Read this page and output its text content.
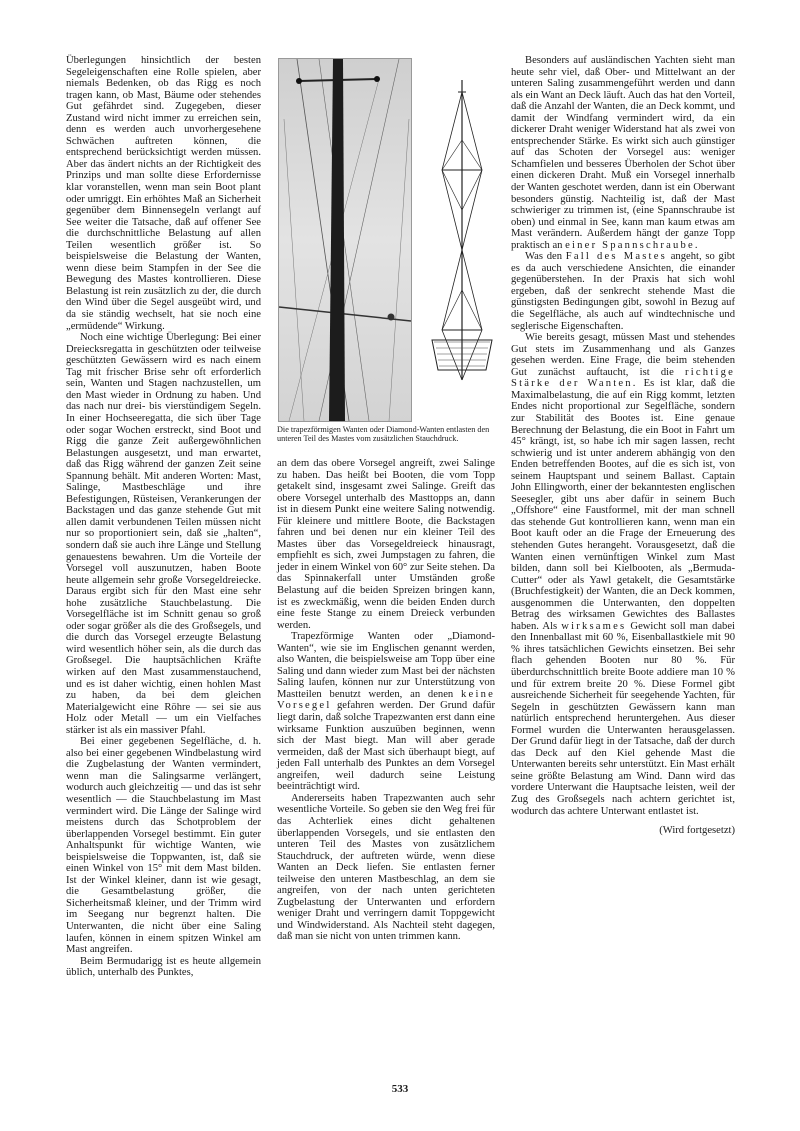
Überlegungen hinsichtlich der besten Segeleigenschaften eine Rolle spielen, aber niemals Bedenken, ob das Rigg es noch tragen kann, ob Mast, Bäume oder stehendes Gut gefährdet sind. Zugegeben, dieser Zustand wird nicht immer zu erreichen sein, denn es werden auch unvorhergesehene Schwächen auftreten können, die entsprechend berücksichtigt werden müssen. Aber das ändert nichts an der Richtigkeit des Prinzips und man sollte diese Erfordernisse klar voranstellen, wenn man sein Boot plant oder umriggt. Ein erhöhtes Maß an Sicherheit gegenüber dem Binnensegeln verlangt auf See weiter die Tatsache, daß auf offener See die durchschnittliche Belastung auf allen Teilen wesentlich größer ist. So beispielsweise die Belastung der Wanten, wenn diese beim Stampfen in der See die Bewegung des Mastes kontrollieren. Diese Belastung ist rein zusätzlich zu der, die durch den Wind über die Segel ausgeübt wird, und da sie ständig wechselt, hat sie noch eine „ermüdende“ Wirkung.

Noch eine wichtige Überlegung: Bei einer Dreiecksregatta in geschützten oder teilweise geschützten Gewässern wird es nach einem Tag mit frischer Brise sehr oft erforderlich sein, Wanten und Stagen nachzustellen, um den Mast wieder in Ordnung zu haben. Und das nach nur drei- bis vierstündigem Segeln. In einer Hochseeregatta, die sich über Tage oder sogar Wochen erstreckt, sind Boot und Rigg die ganze Zeit außergewöhnlichen Belastungen ausgesetzt, und man erwartet, daß das Rigg während der ganzen Zeit seine Spannung behält. Mit anderen Worten: Mast, Salinge, Mastbeschläge und ihre Befestigungen, Rüsteisen, Verankerungen der Backstagen und das ganze stehende Gut mit allen damit verbundenen Teilen müssen nicht nur so proportioniert sein, daß sie „halten“, sondern daß sie auch ihre Länge und Stellung genauestens bewahren. Um die Vorteile der Vorsegel voll auszunutzen, haben Boote heute allgemein sehr große Vorsegeldreiecke. Daraus ergibt sich für den Mast eine sehr hohe zusätzliche Stauchbelastung. Die Vorsegelfläche ist im Schnitt genau so groß oder sogar größer als die des Großsegels, und die durch das Vorsegel erzeugte Belastung wird wesentlich höher sein, als die durch das Großsegel. Die hauptsächlichen Kräfte wirken auf den Mast zusammenstauchend, und es ist daher wichtig, einen hohlen Mast zu haben, da bei dem gleichen Materialgewicht eine Röhre — sei sie aus Holz oder Metall — um ein Vielfaches stärker ist als ein massiver Pfahl.

Bei einer gegebenen Segelfläche, d. h. also bei einer gegebenen Windbelastung wird die Zugbelastung der Wanten vermindert, wenn man die Salingsarme verlängert, wodurch auch gleichzeitig — und das ist sehr wesentlich — die Stauchbelastung im Mast vermindert wird. Die Länge der Salinge wird meistens durch das Schotproblem der überlappenden Vorsegel bestimmt. Ein guter Anhaltspunkt für wichtige Wanten, wie beispielsweise die Toppwanten, ist, daß sie einen Winkel von 15° mit dem Mast bilden. Ist der Winkel kleiner, dann ist wie gesagt, die Gesamtbelastung größer, die Sicherheitsmaß kleiner, und der Trimm wird im Seegang nur begrenzt halten. Die Unterwanten, die nicht über eine Saling laufen, können in einem spitzen Winkel am Mast angreifen.

Beim Bermudarigg ist es heute allgemein üblich, unterhalb des Punktes,

Die trapezförmigen Wanten oder Diamond-Wanten entlasten den unteren Teil des Mastes vom zusätzlichen Stauchdruck.

an dem das obere Vorsegel angreift, zwei Salinge zu haben. Das heißt bei Booten, die vom Topp getakelt sind, insgesamt zwei Salinge. Greift das obere Vorsegel unterhalb des Masttopps an, dann ist in diesem Punkt eine weitere Saling notwendig. Für kleinere und mittlere Boote, die Backstagen fahren und bei denen nur ein kleiner Teil des Mastes über das Vorsegeldreieck hinausragt, empfiehlt es sich, zwei Jumpstagen zu fahren, die jeder in einem Winkel von 60° zur Seite stehen. Da das Spinnakerfall unter Umständen große Belastung auf die beiden Spreizen bringen kann, ist es zweckmäßig, wenn die beiden Enden durch eine feste Stange zu einem Dreieck verbunden werden.

Trapezförmige Wanten oder „Diamond-Wanten“, wie sie im Englischen genannt werden, also Wanten, die beispielsweise am Topp über eine Saling und dann wieder zum Mast bei der nächsten Saling laufen, können nur zur Unterstützung von Mastteilen benutzt werden, an denen keine Vorsegel gefahren werden. Der Grund dafür liegt darin, daß solche Trapezwanten erst dann eine wirksame Funktion auszuüben beginnen, wenn sich der Mast biegt. Man will aber gerade vermeiden, daß der Mast sich überhaupt biegt, auf jeden Fall unterhalb des Punktes an dem Vorsegel angreifen, weil dadurch seine Leistung beeinträchtigt wird.

Andererseits haben Trapezwanten auch sehr wesentliche Vorteile. So geben sie den Weg frei für das Achterliek eines dicht gehaltenen überlappenden Vorsegels, und sie entlasten den unteren Teil des Mastes von zusätzlichem Stauchdruck, der auftreten würde, wenn diese Wanten an Deck liefen. Sie entlasten ferner teilweise den unteren Mastbeschlag, an dem sie angreifen, von der nach unten gerichteten Zugbelastung der Unterwanten und erfordern weniger Draht und verringern damit Toppgewicht und Windwiderstand. Als Nachteil steht dagegen, daß man sie nicht von unten trimmen kann.

Besonders auf ausländischen Yachten sieht man heute sehr viel, daß Ober- und Mittelwant an der unteren Saling zusammengeführt werden und dann als ein Want an Deck läuft. Auch das hat den Vorteil, daß die Anzahl der Wanten, die an Deck kommt, und damit der Windfang vermindert wird, da ein dickerer Draht weniger Widerstand hat als zwei von entsprechender Stärke. Es wirkt sich auch günstiger auf das Schoten der Vorsegel aus: weniger Schamfielen und besseres Überholen der Schot über einen dickeren Draht. Muß ein Vorsegel innerhalb der Wanten geschotet werden, dann ist ein Oberwant besonders günstig. Nachteilig ist, daß der Mast schwieriger zu trimmen ist, (eine Spannschraube ist oben) und einmal in See, kann man kaum etwas am Mast verändern. Außerdem hängt der ganze Topp praktisch an einer Spannschraube.

Was den Fall des Mastes angeht, so gibt es da auch verschiedene Ansichten, die einander gegenüberstehen. In der Praxis hat sich wohl ergeben, daß der senkrecht stehende Mast die günstigsten Bedingungen gibt, sowohl in Bezug auf die Segelfläche, als auch auf windtechnische und seglerische Eigenschaften.

Wie bereits gesagt, müssen Mast und stehendes Gut stets im Zusammenhang und als Ganzes gesehen werden. Eine Frage, die beim stehenden Gut zunächst auftaucht, ist die richtige Stärke der Wanten. Es ist klar, daß die Maximalbelastung, die auf ein Rigg kommt, letzten Endes nicht proportional zur Segelfläche, sondern zur Stabilität des Bootes ist. Eine genaue Berechnung der Belastung, die ein Boot in Fahrt um 45° krängt, ist, so habe ich mir sagen lassen, recht schwierig und ist unter anderem abhängig von den Enden betreffenden Bootes, auf die es sich ist, von seinem Hauptspant und seinem Ballast. Captain John Ellingworth, einer der bekanntesten englischen Seesegler, gibt uns aber dafür in seinem Buch „Offshore“ eine Faustformel, mit der man schnell das stehende Gut kontrollieren kann, wenn man ein Boot kauft oder an die Frage der Erneuerung des stehenden Gutes herangeht. Vorausgesetzt, daß die Wanten einen vernünftigen Winkel zum Mast bilden, dann soll bei Kielbooten, als „Bermuda-Cutter“ oder als Yawl getakelt, die Gesamtstärke (Bruchfestigkeit) der Wanten, die an Deck kommen, ausgenommen die Unterwanten, den doppelten Betrag des wirksamen Gewichtes des Ballastes haben. Als wirksames Gewicht soll man dabei den Innenballast mit 60 %, Eisenballastkiele mit 90 % ihres tatsächlichen Gewichts einsetzen. Bei sehr flach gehenden Booten nur 80 %. Für überdurchschnittlich breite Boote addiere man 10 % und für extrem breite 20 %. Diese Formel gibt ausreichende Sicherheit für seegehende Yachten, für Segeln in geschützten Gewässern kann man natürlich entsprechend heruntergehen. Aus dieser Formel wurden die Unterwanten herausgelassen. Der Grund dafür liegt in der Tatsache, daß der durch das Deck auf den Kiel gehende Mast die Unterwanten bereits sehr unterstützt. Ein Mast erhält seine größte Belastung am Wind. Dann wird das vordere Unterwant die Hauptsache leisten, weil der Zug des Großsegels nach achtern gerichtet ist, wodurch das achtere Unterwant entlastet ist.

(Wird fortgesetzt)

533
